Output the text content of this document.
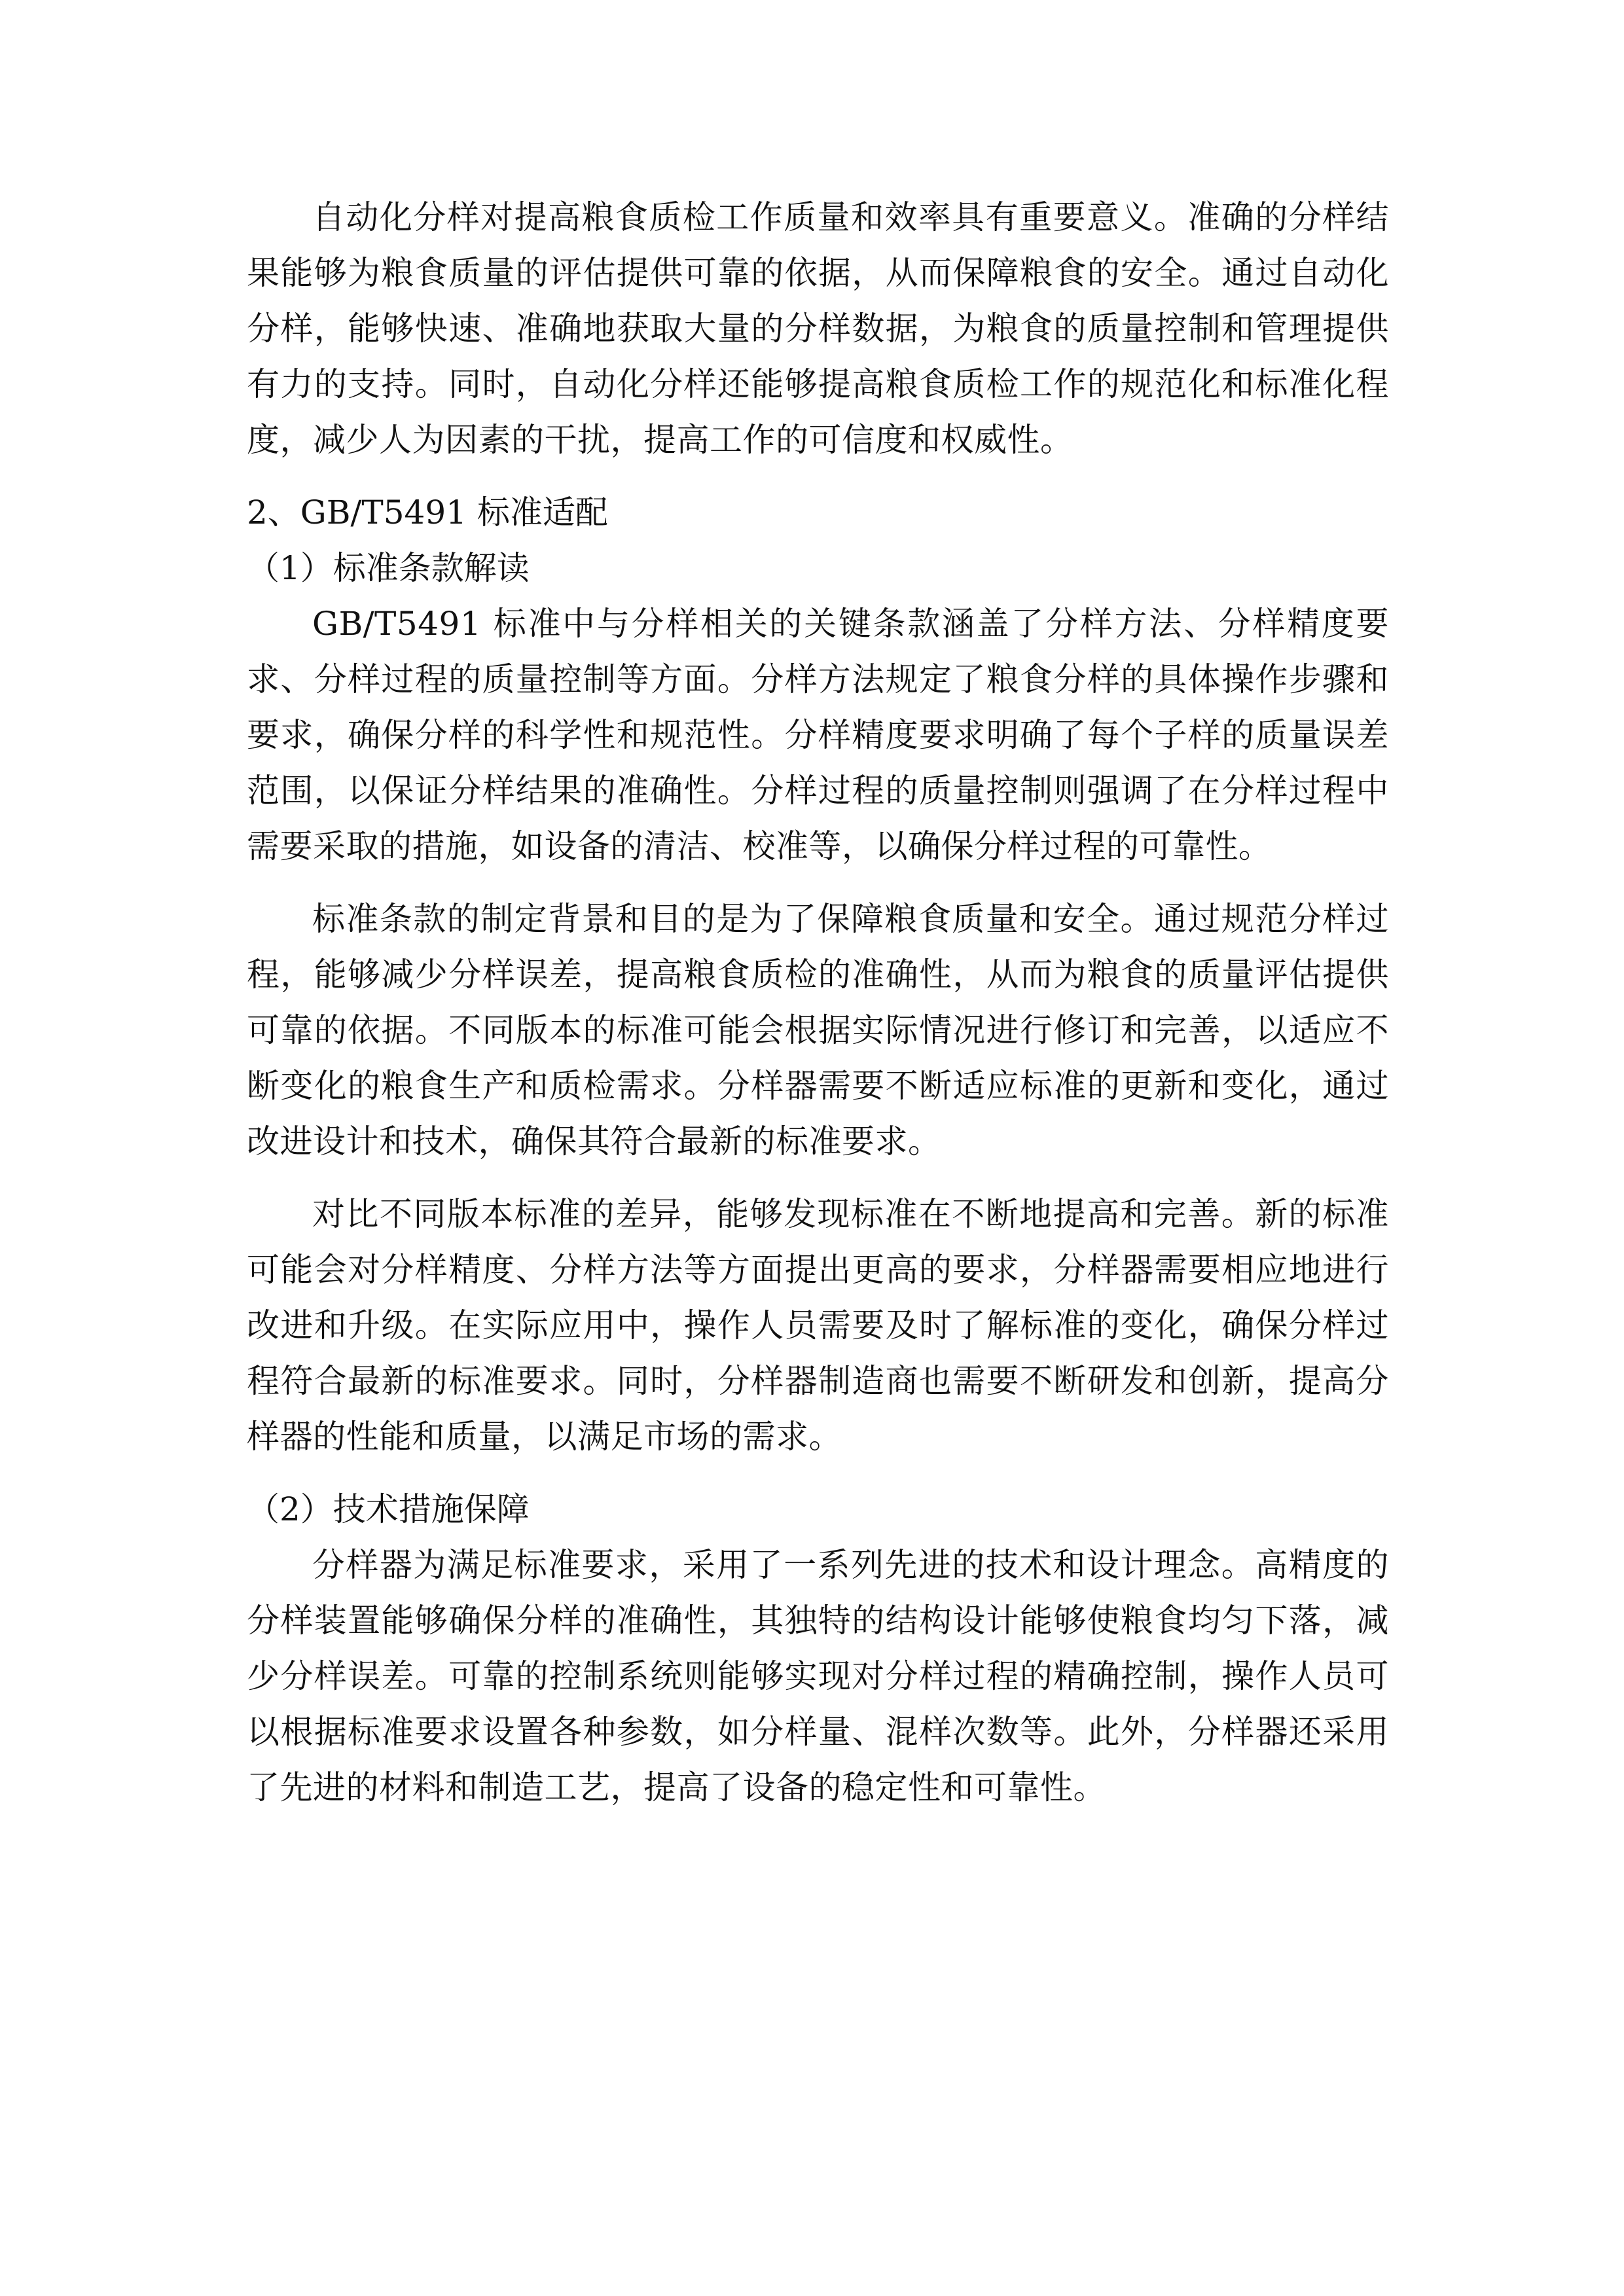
自动化分样对提高粮食质检工作质量和效率具有重要意义。准确的分样结果能够为粮食质量的评估提供可靠的依据，从而保障粮食的安全。通过自动化分样，能够快速、准确地获取大量的分样数据，为粮食的质量控制和管理提供有力的支持。同时，自动化分样还能够提高粮食质检工作的规范化和标准化程度，减少人为因素的干扰，提高工作的可信度和权威性。

2、GB/T5491 标准适配

（1）标准条款解读

GB/T5491 标准中与分样相关的关键条款涵盖了分样方法、分样精度要求、分样过程的质量控制等方面。分样方法规定了粮食分样的具体操作步骤和要求，确保分样的科学性和规范性。分样精度要求明确了每个子样的质量误差范围，以保证分样结果的准确性。分样过程的质量控制则强调了在分样过程中需要采取的措施，如设备的清洁、校准等，以确保分样过程的可靠性。

标准条款的制定背景和目的是为了保障粮食质量和安全。通过规范分样过程，能够减少分样误差，提高粮食质检的准确性，从而为粮食的质量评估提供可靠的依据。不同版本的标准可能会根据实际情况进行修订和完善，以适应不断变化的粮食生产和质检需求。分样器需要不断适应标准的更新和变化，通过改进设计和技术，确保其符合最新的标准要求。

对比不同版本标准的差异，能够发现标准在不断地提高和完善。新的标准可能会对分样精度、分样方法等方面提出更高的要求，分样器需要相应地进行改进和升级。在实际应用中，操作人员需要及时了解标准的变化，确保分样过程符合最新的标准要求。同时，分样器制造商也需要不断研发和创新，提高分样器的性能和质量，以满足市场的需求。

（2）技术措施保障

分样器为满足标准要求，采用了一系列先进的技术和设计理念。高精度的分样装置能够确保分样的准确性，其独特的结构设计能够使粮食均匀下落，减少分样误差。可靠的控制系统则能够实现对分样过程的精确控制，操作人员可以根据标准要求设置各种参数，如分样量、混样次数等。此外，分样器还采用了先进的材料和制造工艺，提高了设备的稳定性和可靠性。
